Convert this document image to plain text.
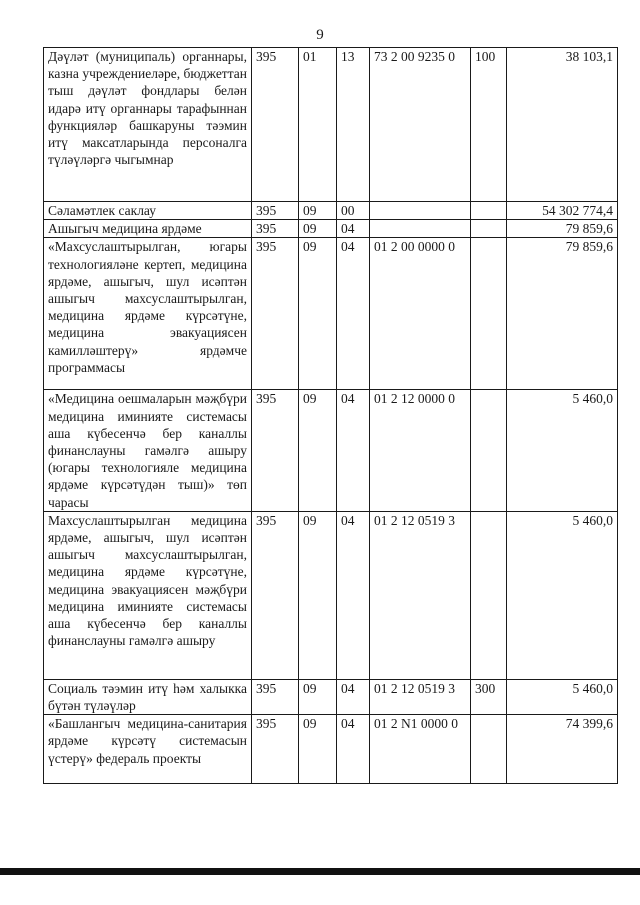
9
Дәүләт (муниципаль) органнары, казна учреждениеләре, бюджеттан тыш дәүләт фондлары белән идарә итү органнары тарафыннан функцияләр башкаруны тәэмин итү максатларында персоналга түләүләргә чыгымнар	395	01	13	73 2 00 9235 0	100	38 103,1
Сәламәтлек саклау	395	09	00			54 302 774,4
Ашыгыч медицина ярдәме	395	09	04			79 859,6
«Махсуслаштырылган, югары технологияләне кертеп, медицина ярдәме, ашыгыч, шул исәптән ашыгыч махсуслаштырылган, медицина ярдәме күрсәтүне, медицина эвакуациясен камилләштерү» ярдәмче программасы	395	09	04	01 2 00 0000 0		79 859,6
«Медицина оешмаларын мәҗбүри медицина иминияте системасы аша күбесенчә бер каналлы финанслауны гамәлгә ашыру (югары технологияле медицина ярдәме күрсәтүдән тыш)» төп чарасы	395	09	04	01 2 12 0000 0		5 460,0
Махсуслаштырылган медицина ярдәме, ашыгыч, шул исәптән ашыгыч махсуслаштырылган, медицина ярдәме күрсәтүне, медицина эвакуациясен мәҗбүри медицина иминияте системасы аша күбесенчә бер каналлы финанслауны гамәлгә ашыру	395	09	04	01 2 12 0519 3		5 460,0
Социаль тәэмин итү һәм халыкка бүтән түләүләр	395	09	04	01 2 12 0519 3	300	5 460,0
«Башлангыч медицина-санитария ярдәме күрсәтү системасын үстерү» федераль проекты	395	09	04	01 2 N1 0000 0		74 399,6
